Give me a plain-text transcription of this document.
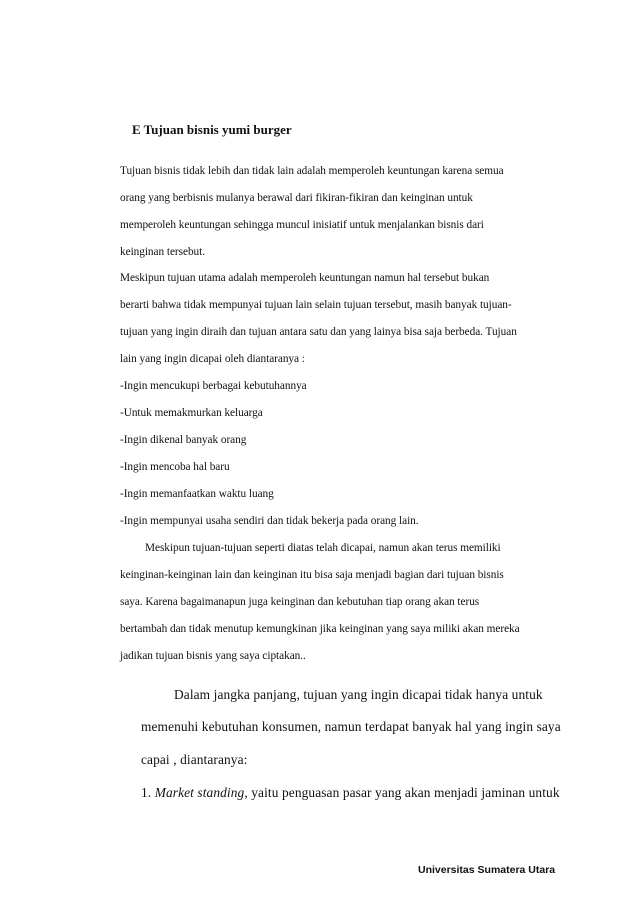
E Tujuan bisnis yumi burger
Tujuan bisnis tidak lebih dan tidak lain adalah memperoleh keuntungan karena semua
orang yang berbisnis mulanya berawal dari fikiran-fikiran dan keinginan untuk
memperoleh keuntungan sehingga muncul inisiatif untuk menjalankan bisnis dari
keinginan tersebut.
Meskipun tujuan utama adalah memperoleh keuntungan namun hal tersebut bukan
berarti bahwa tidak mempunyai tujuan lain selain tujuan tersebut, masih banyak tujuan-
tujuan yang ingin diraih dan tujuan antara satu dan yang lainya bisa saja berbeda. Tujuan
lain yang ingin dicapai oleh diantaranya :
-Ingin mencukupi berbagai kebutuhannya
-Untuk memakmurkan keluarga
-Ingin dikenal banyak orang
-Ingin mencoba hal baru
-Ingin memanfaatkan waktu luang
-Ingin mempunyai usaha sendiri dan tidak bekerja pada orang lain.
Meskipun tujuan-tujuan seperti diatas telah dicapai, namun akan terus memiliki
keinginan-keinginan lain dan keinginan itu bisa saja menjadi bagian dari tujuan bisnis
saya. Karena bagaimanapun juga keinginan dan kebutuhan tiap orang akan terus
bertambah dan tidak menutup kemungkinan jika keinginan yang saya miliki akan mereka
jadikan tujuan bisnis yang saya ciptakan..
Dalam jangka panjang, tujuan yang ingin dicapai tidak hanya untuk
memenuhi kebutuhan konsumen, namun terdapat banyak hal yang ingin saya
capai , diantaranya:
1. Market standing, yaitu penguasan pasar yang akan menjadi jaminan untuk
Universitas Sumatera Utara
